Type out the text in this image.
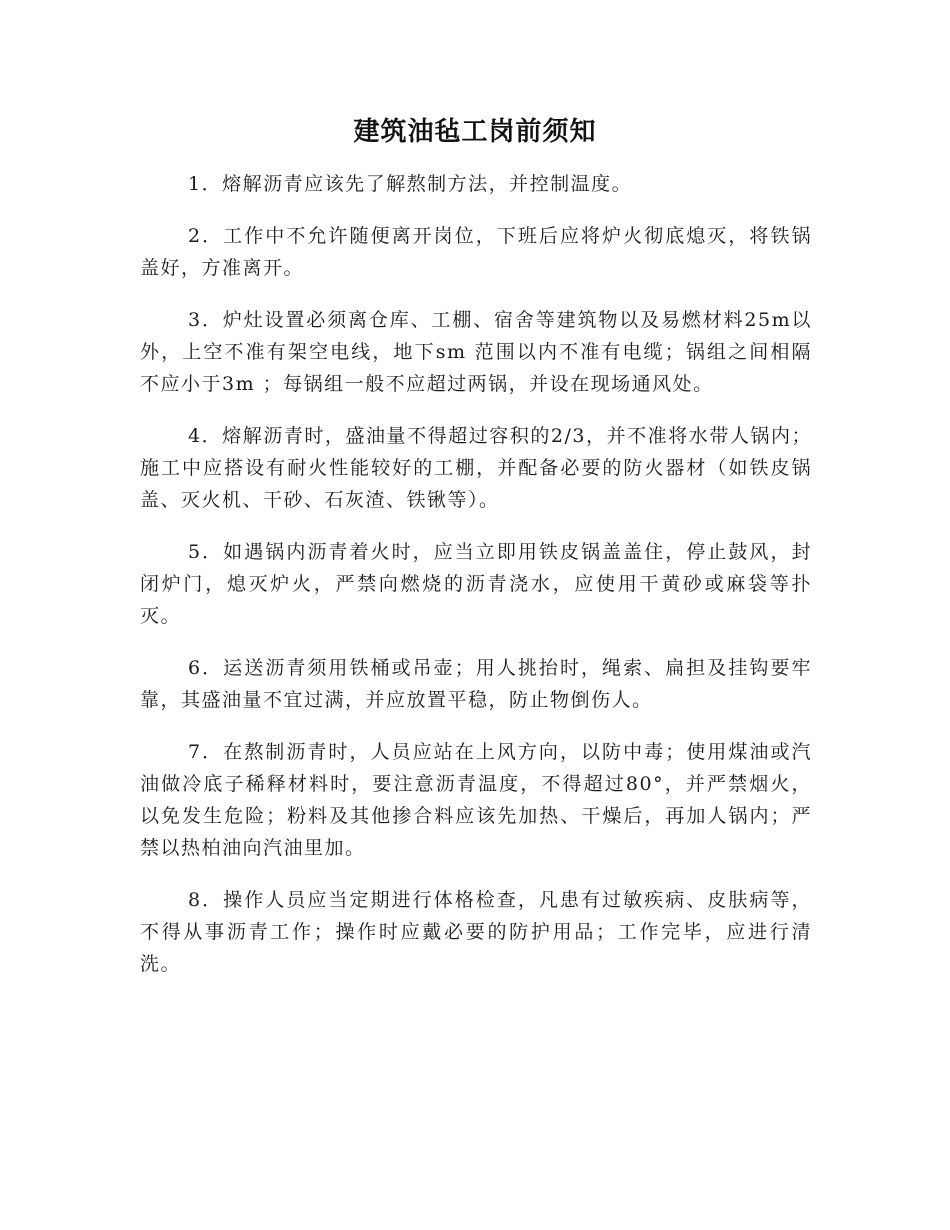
建筑油毡工岗前须知

1．熔解沥青应该先了解熬制方法，并控制温度。

2．工作中不允许随便离开岗位，下班后应将炉火彻底熄灭，将铁锅盖好，方准离开。

3．炉灶设置必须离仓库、工棚、宿舍等建筑物以及易燃材料25m以外，上空不准有架空电线，地下sm 范围以内不准有电缆；锅组之间相隔不应小于3m ；每锅组一般不应超过两锅，并设在现场通风处。

4．熔解沥青时，盛油量不得超过容积的2/3，并不准将水带人锅内；施工中应搭设有耐火性能较好的工棚，并配备必要的防火器材（如铁皮锅盖、灭火机、干砂、石灰渣、铁锹等）。

5．如遇锅内沥青着火时，应当立即用铁皮锅盖盖住，停止鼓风，封闭炉门，熄灭炉火，严禁向燃烧的沥青浇水，应使用干黄砂或麻袋等扑灭。

6．运送沥青须用铁桶或吊壶；用人挑抬时，绳索、扁担及挂钩要牢靠，其盛油量不宜过满，并应放置平稳，防止物倒伤人。

7．在熬制沥青时，人员应站在上风方向，以防中毒；使用煤油或汽油做冷底子稀释材料时，要注意沥青温度，不得超过80°，并严禁烟火，以免发生危险；粉料及其他掺合料应该先加热、干燥后，再加人锅内；严禁以热柏油向汽油里加。

8．操作人员应当定期进行体格检查，凡患有过敏疾病、皮肤病等，不得从事沥青工作；操作时应戴必要的防护用品；工作完毕，应进行清洗。
